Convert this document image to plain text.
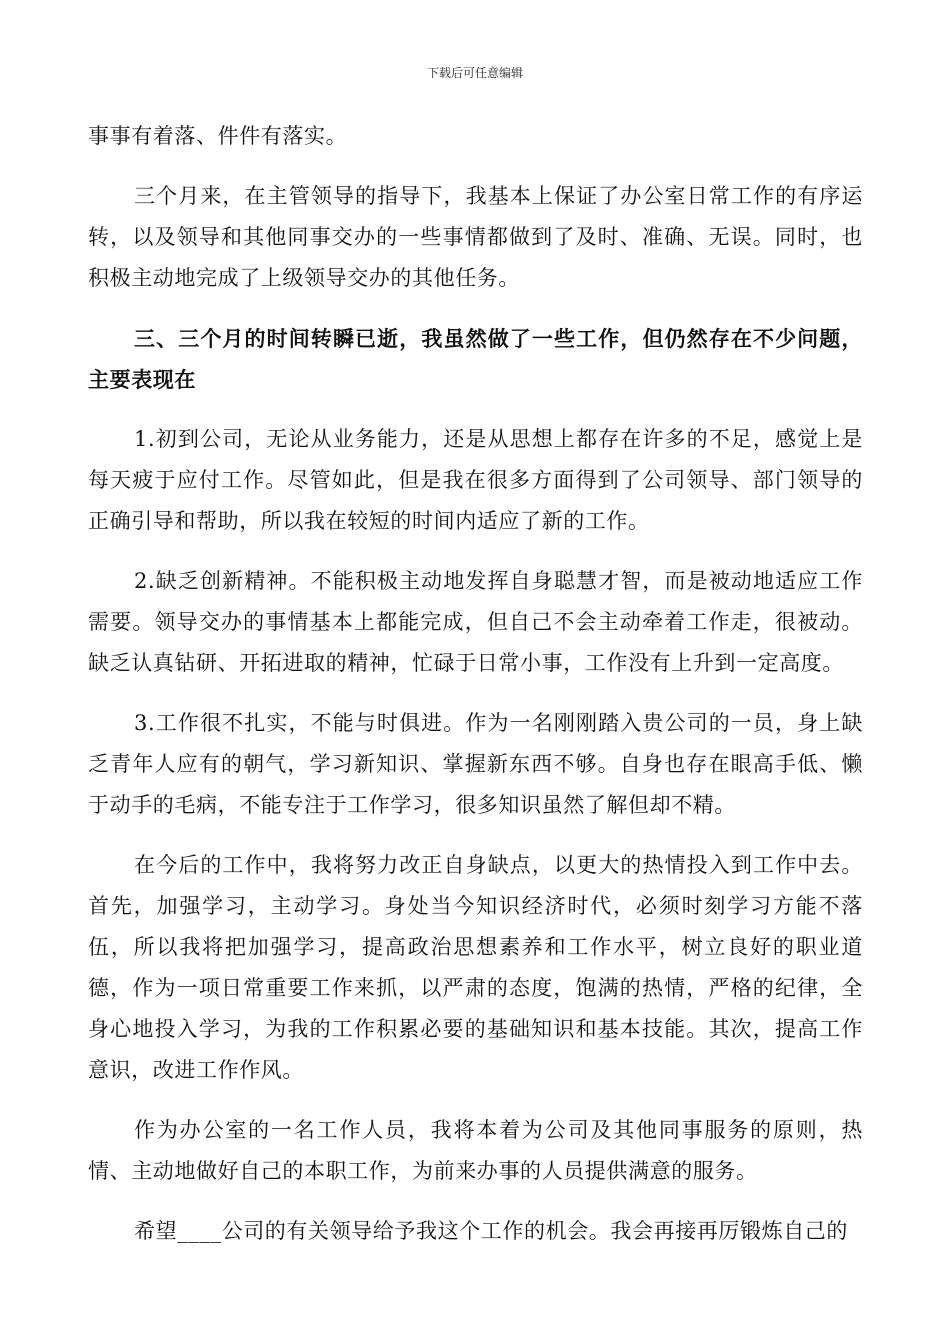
下载后可任意编辑

事事有着落、件件有落实。

三个月来，在主管领导的指导下，我基本上保证了办公室日常工作的有序运转，以及领导和其他同事交办的一些事情都做到了及时、准确、无误。同时，也积极主动地完成了上级领导交办的其他任务。

三、三个月的时间转瞬已逝，我虽然做了一些工作，但仍然存在不少问题，主要表现在

1.初到公司，无论从业务能力，还是从思想上都存在许多的不足，感觉上是每天疲于应付工作。尽管如此，但是我在很多方面得到了公司领导、部门领导的正确引导和帮助，所以我在较短的时间内适应了新的工作。

2.缺乏创新精神。不能积极主动地发挥自身聪慧才智，而是被动地适应工作需要。领导交办的事情基本上都能完成，但自己不会主动牵着工作走，很被动。缺乏认真钻研、开拓进取的精神，忙碌于日常小事，工作没有上升到一定高度。

3.工作很不扎实，不能与时俱进。作为一名刚刚踏入贵公司的一员，身上缺乏青年人应有的朝气，学习新知识、掌握新东西不够。自身也存在眼高手低、懒于动手的毛病，不能专注于工作学习，很多知识虽然了解但却不精。

在今后的工作中，我将努力改正自身缺点，以更大的热情投入到工作中去。首先，加强学习，主动学习。身处当今知识经济时代，必须时刻学习方能不落伍，所以我将把加强学习，提高政治思想素养和工作水平，树立良好的职业道德，作为一项日常重要工作来抓，以严肃的态度，饱满的热情，严格的纪律，全身心地投入学习，为我的工作积累必要的基础知识和基本技能。其次，提高工作意识，改进工作作风。

作为办公室的一名工作人员，我将本着为公司及其他同事服务的原则，热情、主动地做好自己的本职工作，为前来办事的人员提供满意的服务。

希望____公司的有关领导给予我这个工作的机会。我会再接再厉锻炼自己的
